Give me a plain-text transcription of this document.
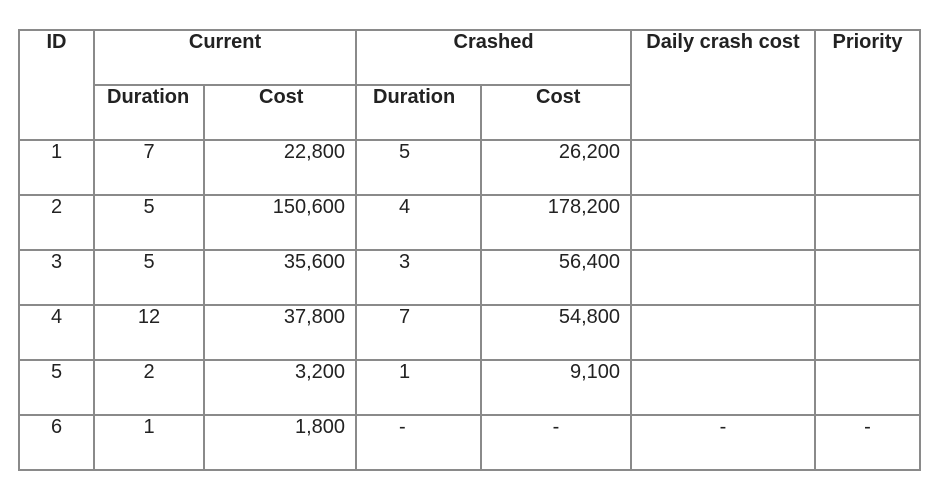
ID	Current		Crashed		Daily crash cost	Priority
	Duration	Cost	Duration	Cost		
1	7	22,800	5	26,200		
2	5	150,600	4	178,200		
3	5	35,600	3	56,400		
4	12	37,800	7	54,800		
5	2	3,200	1	9,100		
6	1	1,800	-	-	-	-
